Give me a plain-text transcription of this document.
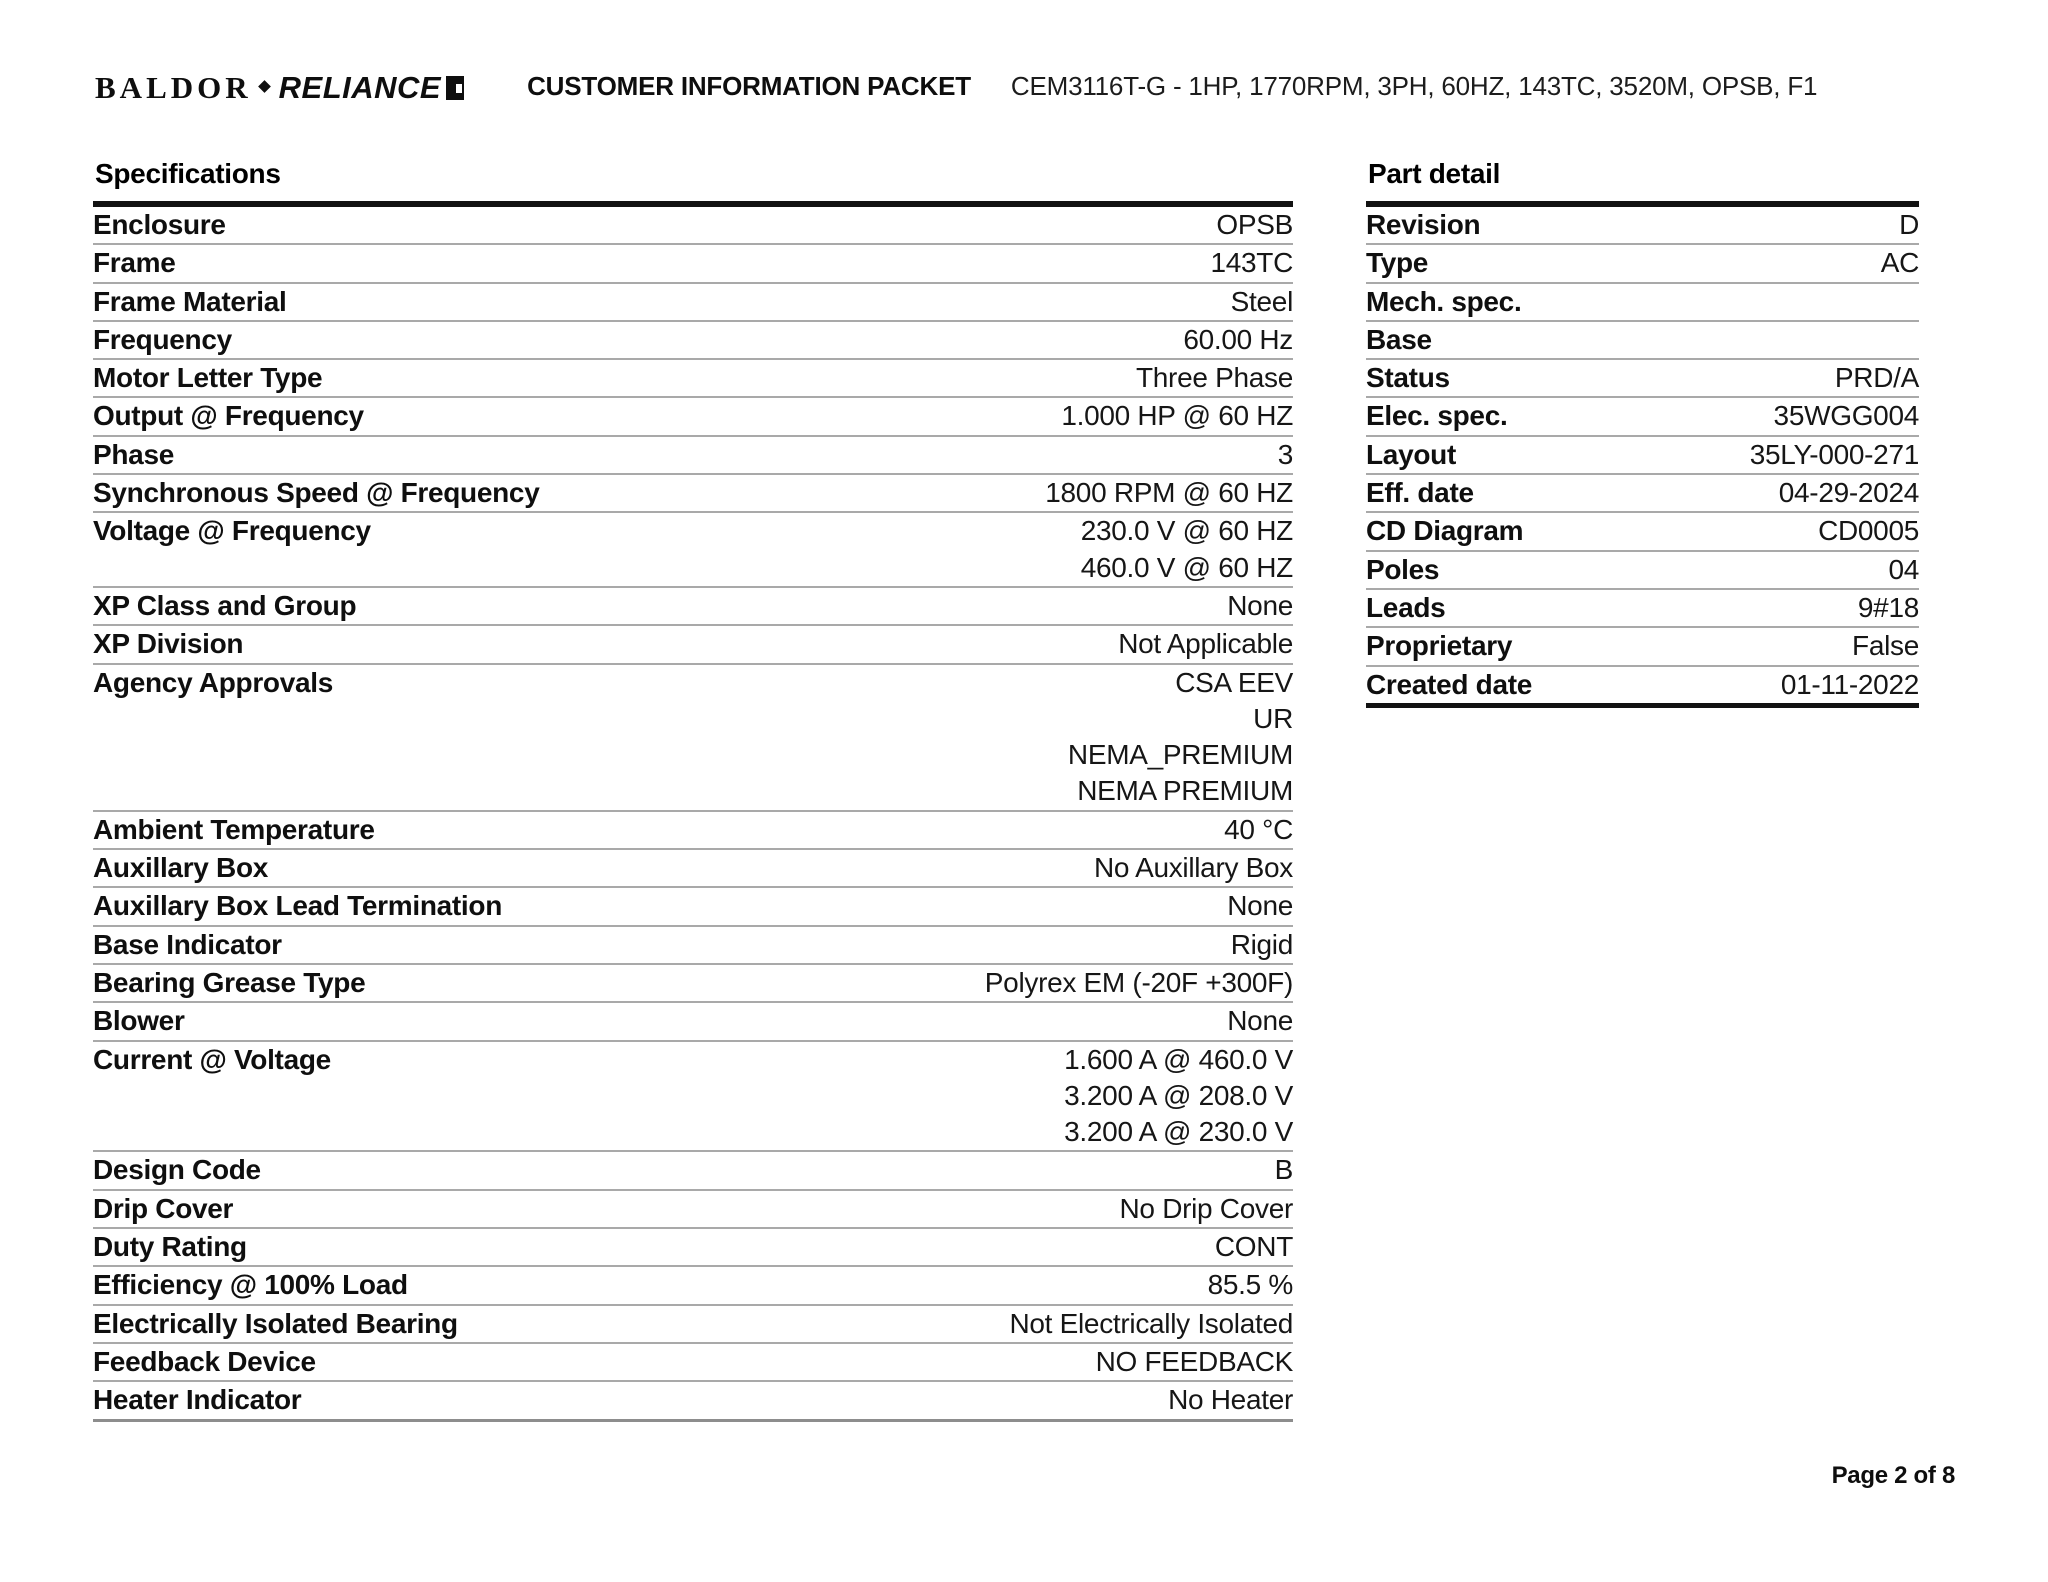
BALDOR RELIANCE	CUSTOMER INFORMATION PACKET CEM3116T-G - 1HP, 1770RPM, 3PH, 60HZ, 143TC, 3520M, OPSB, F1
Specifications	Part detail
Enclosure	OPSB
Frame	143TC
Frame Material	Steel
Frequency	60.00 Hz
Motor Letter Type	Three Phase
Output @ Frequency	1.000 HP @ 60 HZ
Phase	3
Synchronous Speed @ Frequency	1800 RPM @ 60 HZ
Voltage @ Frequency	230.0 V @ 60 HZ
460.0 V @ 60 HZ
XP Class and Group	None
XP Division	Not Applicable
Agency Approvals	CSA EEV
UR
NEMA_PREMIUM
NEMA PREMIUM
Ambient Temperature	40 °C
Auxillary Box	No Auxillary Box
Auxillary Box Lead Termination	None
Base Indicator	Rigid
Bearing Grease Type	Polyrex EM (-20F +300F)
Blower	None
Current @ Voltage	1.600 A @ 460.0 V
3.200 A @ 208.0 V
3.200 A @ 230.0 V
Design Code	B
Drip Cover	No Drip Cover
Duty Rating	CONT
Efficiency @ 100% Load	85.5 %
Electrically Isolated Bearing	Not Electrically Isolated
Feedback Device	NO FEEDBACK
Heater Indicator	No Heater
Revision	D
Type	AC
Mech. spec.
Base
Status	PRD/A
Elec. spec.	35WGG004
Layout	35LY-000-271
Eff. date	04-29-2024
CD Diagram	CD0005
Poles	04
Leads	9#18
Proprietary	False
Created date	01-11-2022
Page 2 of 8
